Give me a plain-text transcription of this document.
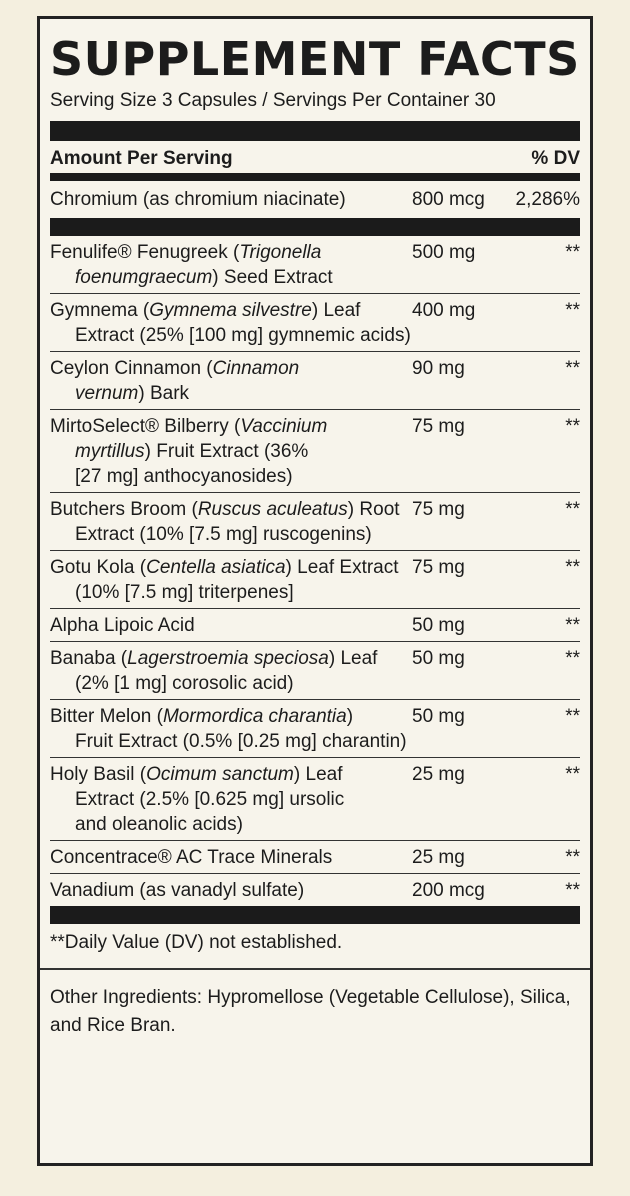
SUPPLEMENT FACTS
Serving Size 3 Capsules / Servings Per Container 30
Amount Per Serving	% DV
Chromium (as chromium niacinate)	800 mcg	2,286%
Fenulife® Fenugreek (Trigonella
foenumgraecum) Seed Extract
500 mg	**
Gymnema (Gymnema silvestre) Leaf
Extract (25% [100 mg] gymnemic acids)
400 mg	**
Ceylon Cinnamon (Cinnamon
vernum) Bark
90 mg	**
MirtoSelect® Bilberry (Vaccinium
myrtillus) Fruit Extract (36%
[27 mg] anthocyanosides)
75 mg	**
Butchers Broom (Ruscus aculeatus) Root
Extract (10% [7.5 mg] ruscogenins)
75 mg	**
Gotu Kola (Centella asiatica) Leaf Extract
(10% [7.5 mg] triterpenes]
75 mg	**
Alpha Lipoic Acid	50 mg	**
Banaba (Lagerstroemia speciosa) Leaf
(2% [1 mg] corosolic acid)
50 mg	**
Bitter Melon (Mormordica charantia)
Fruit Extract (0.5% [0.25 mg] charantin)
50 mg	**
Holy Basil (Ocimum sanctum) Leaf
Extract (2.5% [0.625 mg] ursolic
and oleanolic acids)
25 mg	**
Concentrace® AC Trace Minerals	25 mg	**
Vanadium (as vanadyl sulfate)	200 mcg	**
**Daily Value (DV) not established.
Other Ingredients: Hypromellose (Vegetable Cellulose), Silica, and Rice Bran.
